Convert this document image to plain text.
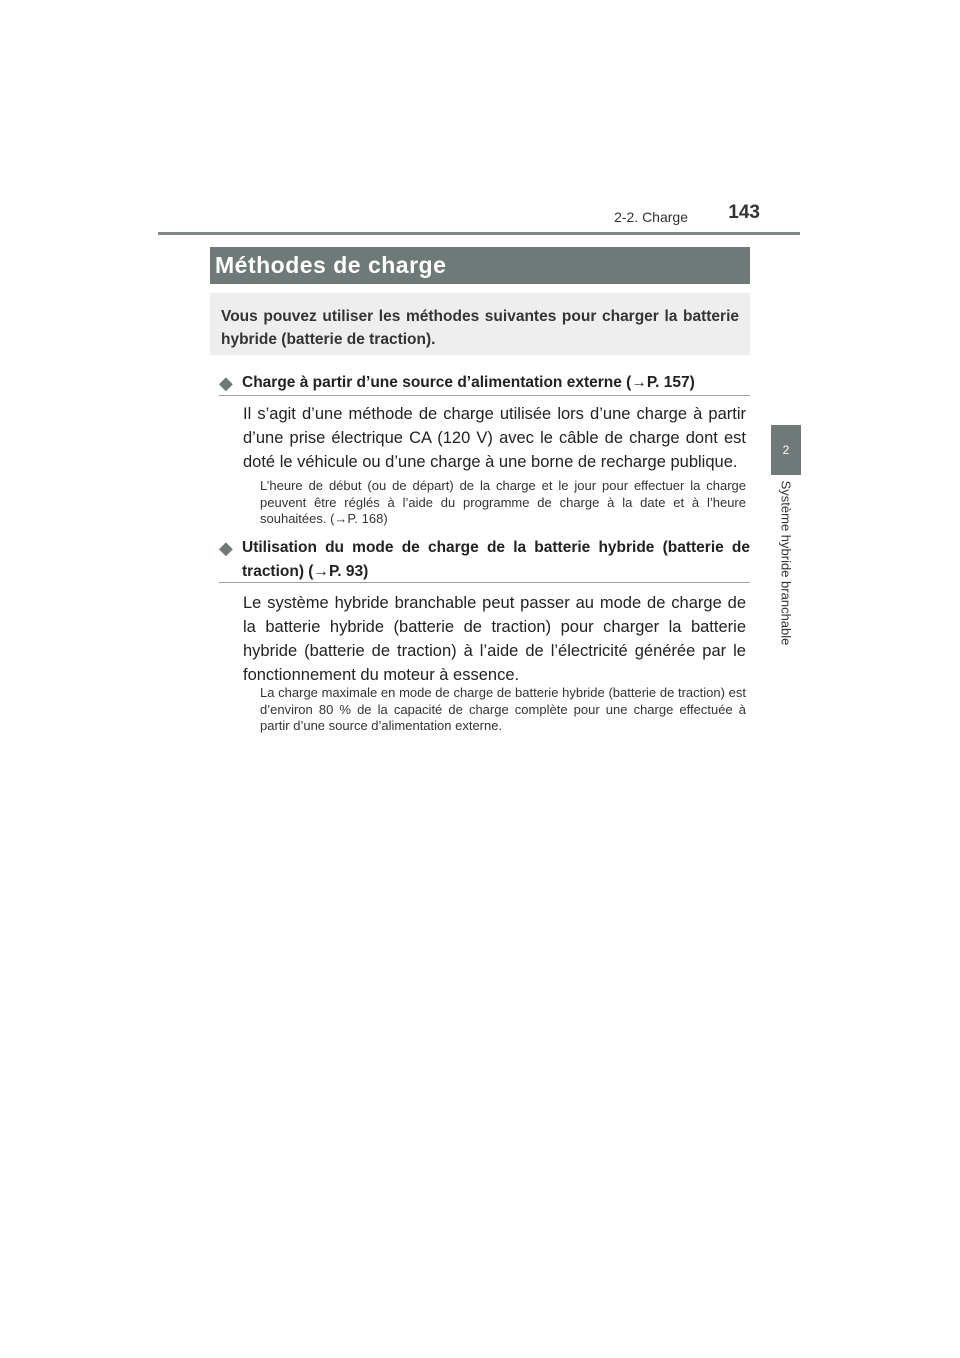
2-2. Charge	143
2
Système hybride branchable
Méthodes de charge

Vous pouvez utiliser les méthodes suivantes pour charger la batterie hybride (batterie de traction).

◆ Charge à partir d’une source d’alimentation externe (→P. 157)

Il s’agit d’une méthode de charge utilisée lors d’une charge à partir d’une prise électrique CA (120 V) avec le câble de charge dont est doté le véhicule ou d’une charge à une borne de recharge publique.

L’heure de début (ou de départ) de la charge et le jour pour effectuer la charge peuvent être réglés à l’aide du programme de charge à la date et à l’heure souhaitées. (→P. 168)

◆ Utilisation du mode de charge de la batterie hybride (batterie de traction) (→P. 93)

Le système hybride branchable peut passer au mode de charge de la batterie hybride (batterie de traction) pour charger la batterie hybride (batterie de traction) à l’aide de l’électricité générée par le fonctionnement du moteur à essence.

La charge maximale en mode de charge de batterie hybride (batterie de traction) est d’environ 80 % de la capacité de charge complète pour une charge effectuée à partir d’une source d’alimentation externe.
